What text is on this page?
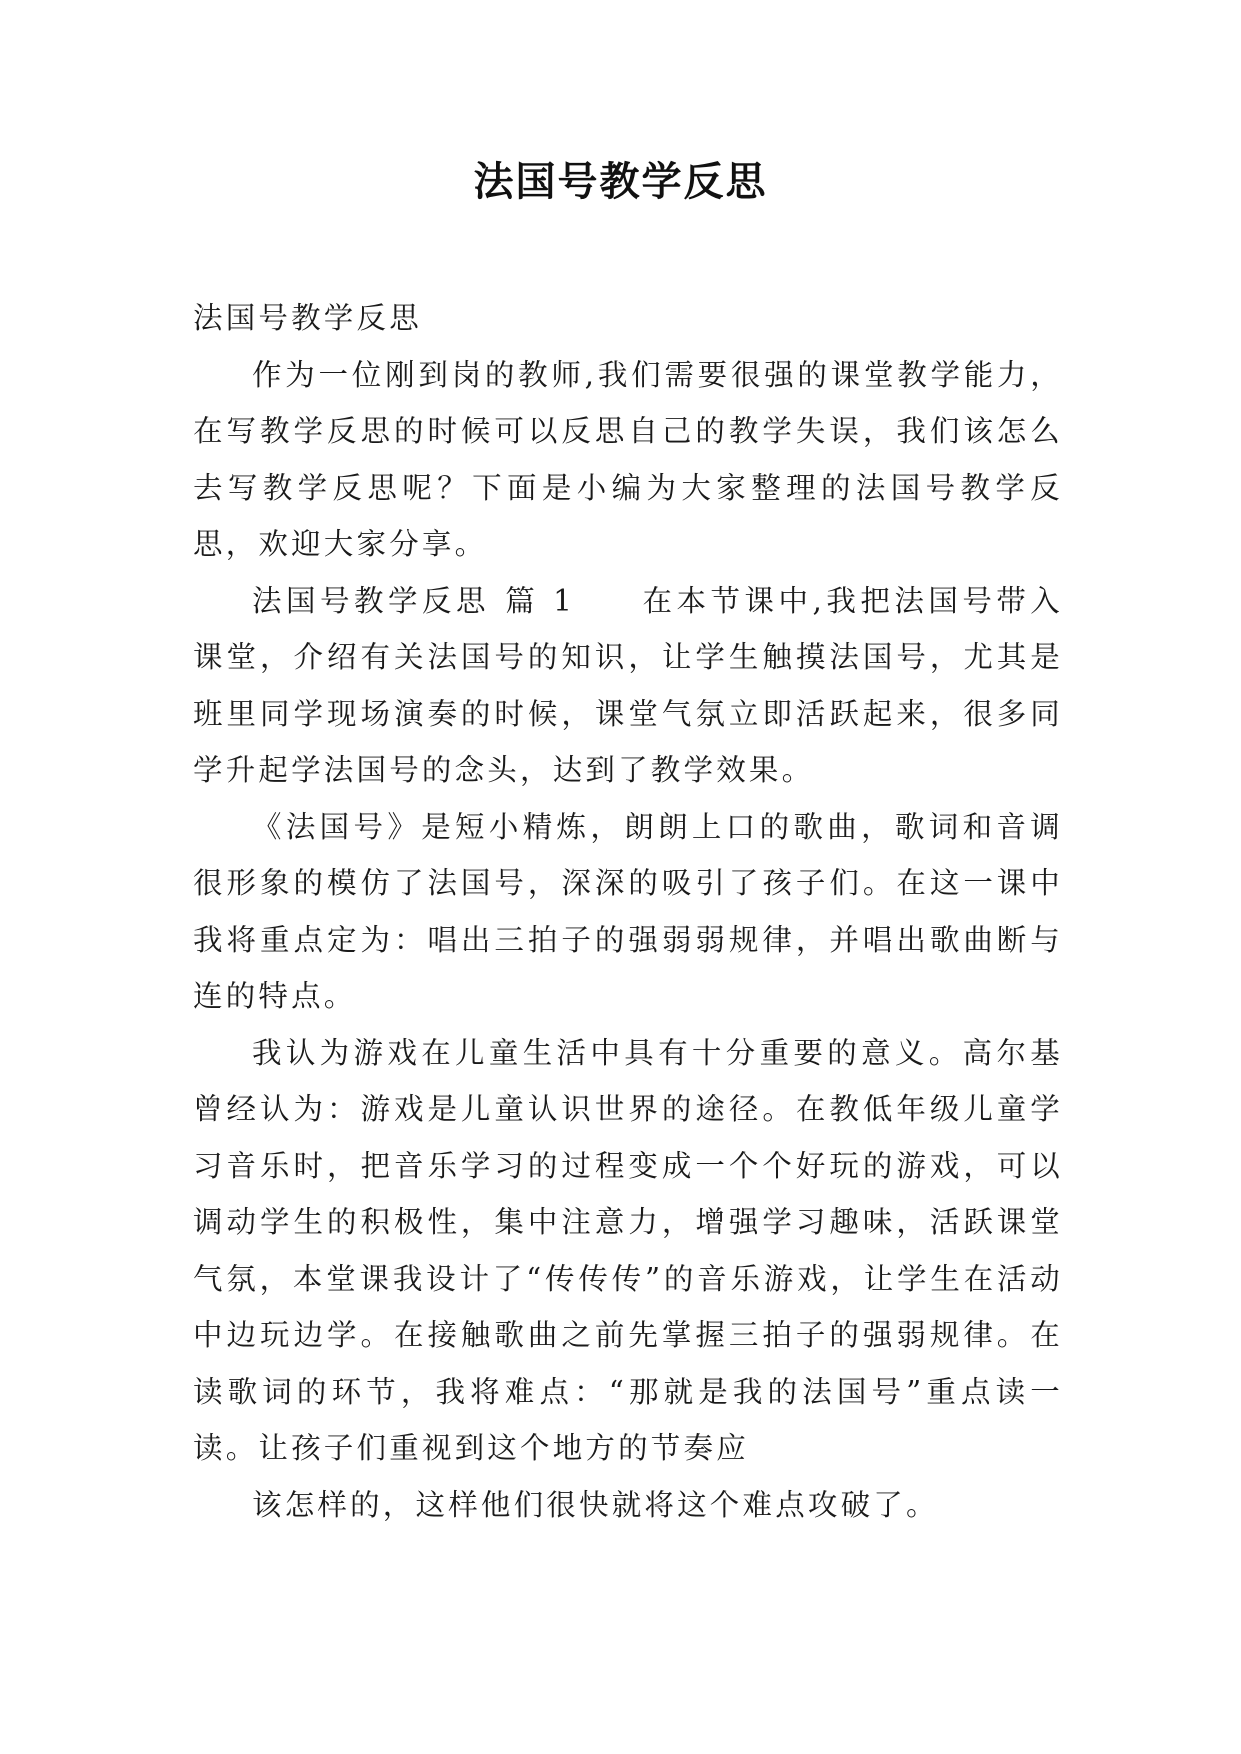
法国号教学反思

法国号教学反思

作为一位刚到岗的教师,我们需要很强的课堂教学能力，在写教学反思的时候可以反思自己的教学失误，我们该怎么去写教学反思呢？下面是小编为大家整理的法国号教学反思，欢迎大家分享。

法国号教学反思 篇 1 在本节课中,我把法国号带入课堂，介绍有关法国号的知识，让学生触摸法国号，尤其是班里同学现场演奏的时候，课堂气氛立即活跃起来，很多同学升起学法国号的念头，达到了教学效果。

《法国号》是短小精炼，朗朗上口的歌曲，歌词和音调很形象的模仿了法国号，深深的吸引了孩子们。在这一课中我将重点定为：唱出三拍子的强弱弱规律，并唱出歌曲断与连的特点。

我认为游戏在儿童生活中具有十分重要的意义。高尔基曾经认为：游戏是儿童认识世界的途径。在教低年级儿童学习音乐时，把音乐学习的过程变成一个个好玩的游戏，可以调动学生的积极性，集中注意力，增强学习趣味，活跃课堂气氛，本堂课我设计了“传传传”的音乐游戏，让学生在活动中边玩边学。在接触歌曲之前先掌握三拍子的强弱规律。在读歌词的环节，我将难点：“那就是我的法国号”重点读一读。让孩子们重视到这个地方的节奏应

该怎样的，这样他们很快就将这个难点攻破了。
